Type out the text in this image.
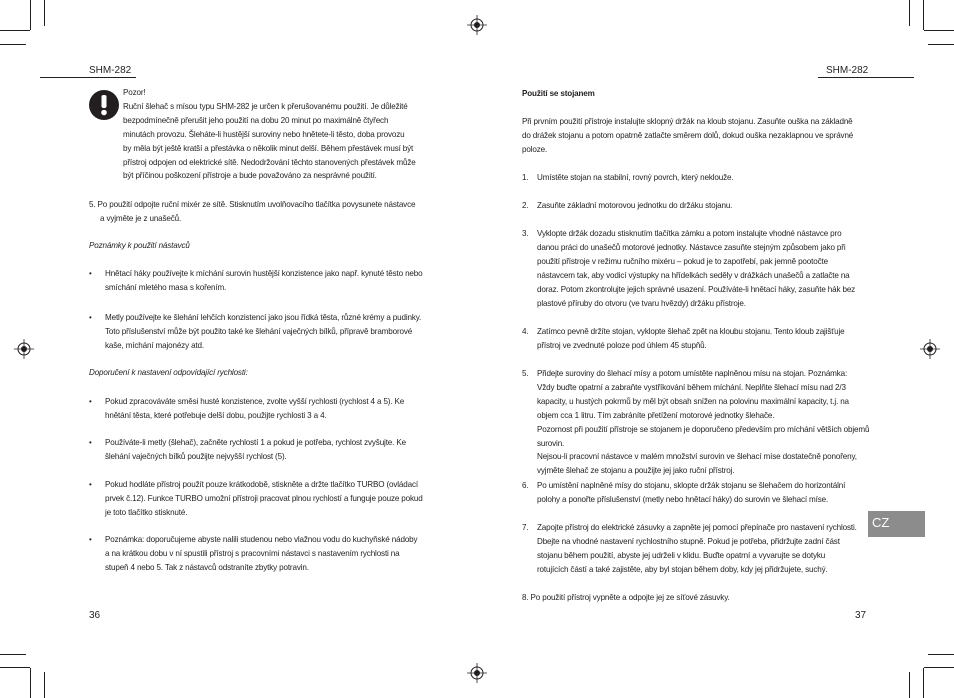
SHM-282
Pozor!
Ruční šlehač s mísou typu SHM-282 je určen k přerušovanému použití. Je důležité
bezpodmínečně přerušit jeho použití na dobu 20 minut po maximálně čtyřech
minutách provozu. Šleháte-li hustější suroviny nebo hnětete-li těsto, doba provozu
by měla být ještě kratší a přestávka o několik minut delší. Během přestávek musí být
přístroj odpojen od elektrické sítě. Nedodržování těchto stanovených přestávek může
být příčinou poškození přístroje a bude považováno za nesprávné použití.
5. Po použití odpojte ruční mixér ze sítě. Stisknutím uvolňovacího tlačítka povysunete nástavce
a vyjměte je z unašečů.
Poznámky k použití nástavců
• Hnětací háky používejte k míchání surovin hustější konzistence jako např. kynuté těsto nebo
smíchání mletého masa s kořením.
• Metly používejte ke šlehání lehčích konzistencí jako jsou řídká těsta, různé krémy a pudinky.
Toto příslušenství může být použito také ke šlehání vaječných bílků, přípravě bramborové
kaše, míchání majonézy atd.
Doporučení k nastavení odpovídající rychlosti:
• Pokud zpracováváte směsi husté konzistence, zvolte vyšší rychlosti (rychlost 4 a 5). Ke
hnětání těsta, které potřebuje delší dobu, použijte rychlosti 3 a 4.
• Používáte-li metly (šlehač), začněte rychlostí 1 a pokud je potřeba, rychlost zvyšujte. Ke
šlehání vaječných bílků použijte nejvyšší rychlost (5).
• Pokud hodláte přístroj použít pouze krátkodobě, stiskněte a držte tlačítko TURBO (ovládací
prvek č.12). Funkce TURBO umožní přístroji pracovat plnou rychlostí a funguje pouze pokud
je toto tlačítko stisknuté.
• Poznámka: doporučujeme abyste nalili studenou nebo vlažnou vodu do kuchyňské nádoby
a na krátkou dobu v ní spustili přístroj s pracovními nástavci s nastavením rychlosti na
stupeň 4 nebo 5. Tak z nástavců odstraníte zbytky potravin.
36
SHM-282
Použití se stojanem
Při prvním použití přístroje instalujte sklopný držák na kloub stojanu. Zasuňte ouška na základně
do drážek stojanu a potom opatrně zatlačte směrem dolů, dokud ouška nezaklapnou ve správné
poloze.
1. Umístěte stojan na stabilní, rovný povrch, který neklouže.
2. Zasuňte základní motorovou jednotku do držáku stojanu.
3. Vyklopte držák dozadu stisknutím tlačítka zámku a potom instalujte vhodné nástavce pro
danou práci do unašečů motorové jednotky. Nástavce zasuňte stejným způsobem jako při
použití přístroje v režimu ručního mixéru – pokud je to zapotřebí, pak jemně pootočte
nástavcem tak, aby vodicí výstupky na hřídelkách seděly v drážkách unašečů a zatlačte na
doraz. Potom zkontrolujte jejich správné usazení. Používáte-li hnětací háky, zasuňte hák bez
plastové příruby do otvoru (ve tvaru hvězdy) držáku přístroje.
4. Zatímco pevně držíte stojan, vyklopte šlehač zpět na kloubu stojanu. Tento kloub zajišťuje
přístroj ve zvednuté poloze pod úhlem 45 stupňů.
5. Přidejte suroviny do šlehací mísy a potom umístěte naplněnou mísu na stojan. Poznámka:
Vždy buďte opatrní a zabraňte vystříkování během míchání. Neplňte šlehací mísu nad 2/3
kapacity, u hustých pokrmů by měl být obsah snížen na polovinu maximální kapacity, t.j. na
objem cca 1 litru. Tím zabráníte přetížení motorové jednotky šlehače.
Pozornost při použití přístroje se stojanem je doporučeno především pro míchání větších objemů surovin.
Nejsou-li pracovní nástavce v malém množství surovin ve šlehací míse dostatečně ponořeny,
vyjměte šlehač ze stojanu a použijte jej jako ruční přístroj.
6. Po umístění naplněné mísy do stojanu, sklopte držák stojanu se šlehačem do horizontální
polohy a ponořte příslušenství (metly nebo hnětací háky) do surovin ve šlehací míse.
7. Zapojte přístroj do elektrické zásuvky a zapněte jej pomocí přepínače pro nastavení rychlosti.
Dbejte na vhodné nastavení rychlostního stupně. Pokud je potřeba, přidržujte zadní část
stojanu během použití, abyste jej udrželi v klidu. Buďte opatrní a vyvarujte se dotyku
rotujících částí a také zajistěte, aby byl stojan během doby, kdy jej přidržujete, suchý.
8. Po použití přístroj vypněte a odpojte jej ze síťové zásuvky.
CZ
37
